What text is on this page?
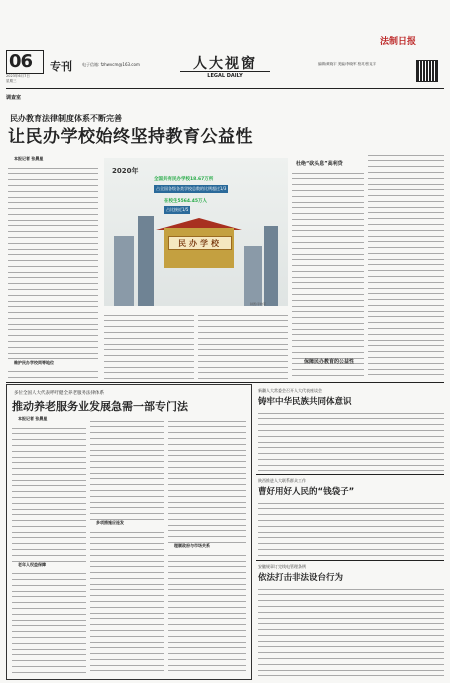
06
2023年6月7日
星期三
专刊	电子信箱: fzhwvcm@163.com	人大视窗
LEGAL DAILY
编辑/黄晓宇 美编/李晓军 校对/张克宇
法制日报
调查室
民办教育法律制度体系不断完善
让民办学校始终坚持教育公益性

本报记者 张晨星

维护民办学校同等地位

2020年
全国共有民办学校18.67万所
占全国各级各类学校总数的比例超过1/3
在校生5564.45万人
占比接近1/5
民办学校
制图/李晓军
杜绝“砍头息”高利贷
保障民办教育的公益性
多位全国人大代表呼吁健全养老服务法律体系
推动养老服务业发展急需一部专门法

本报记者 张晨星

老年人权益保障

多项措施应连发

理顺政府与市场关系

新疆人大常委会召开人大代表座谈会
铸牢中华民族共同体意识
陕西推进人大联系群众工作
曹好用好人民的“钱袋子”
安徽规章订完线电管理条例
依法打击非法设台行为
